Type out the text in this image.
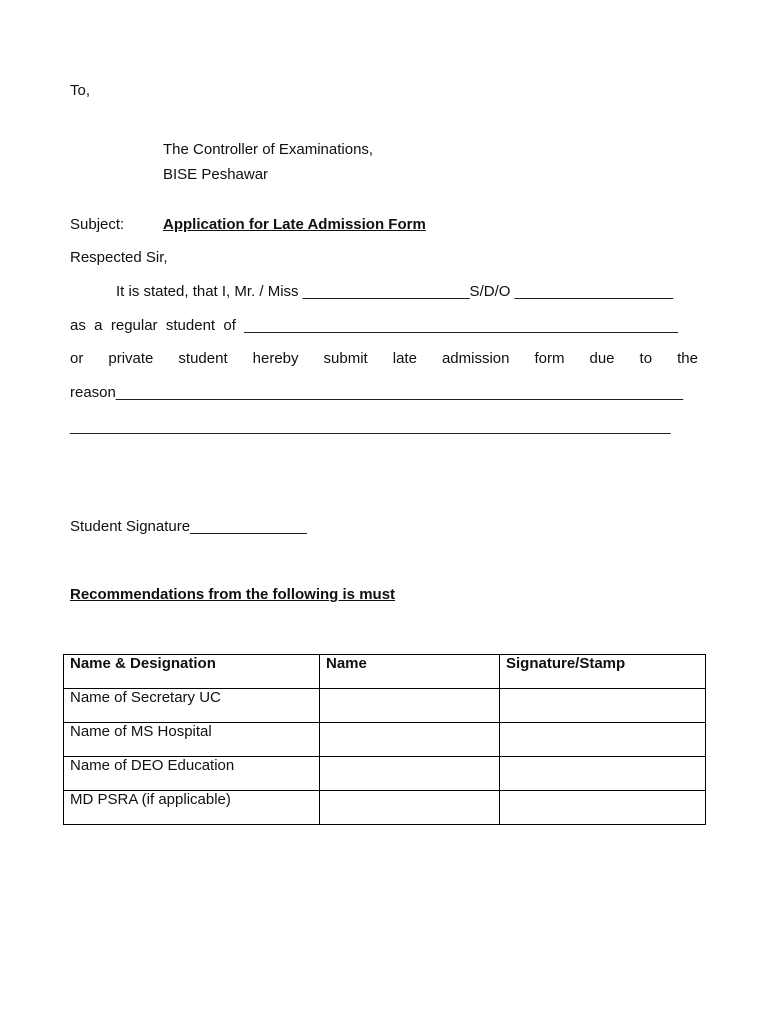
To,
The Controller of Examinations,
BISE Peshawar
Subject:	Application for Late Admission Form
Respected Sir,
It is stated, that I, Mr. / Miss ____________________S/D/O ___________________
as  a  regular  student  of  ____________________________________________________
or private student hereby submit late admission form due to the
reason____________________________________________________________________
________________________________________________________________________
Student Signature______________
Recommendations from the following is must
Name & Designation	Name	Signature/Stamp
Name of Secretary UC		
Name of MS Hospital		
Name of DEO Education		
MD PSRA (if applicable)		
